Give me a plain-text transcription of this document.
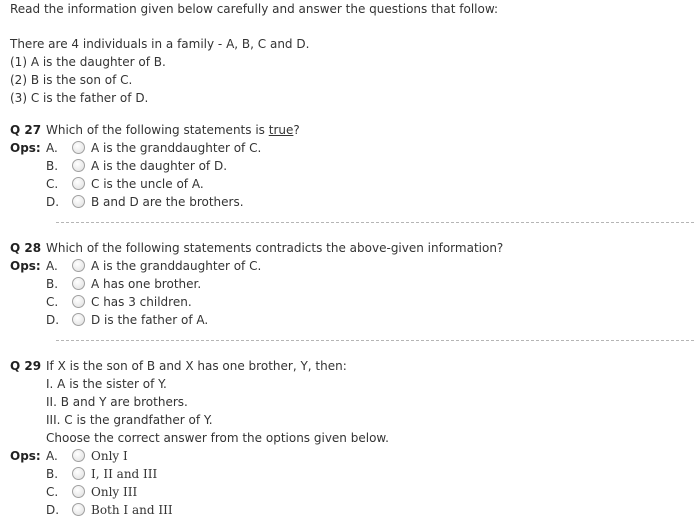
Read the information given below carefully and answer the questions that follow:
There are 4 individuals in a family - A, B, C and D.
(1) A is the daughter of B.
(2) B is the son of C.
(3) C is the father of D.
Q 27 Which of the following statements is true?
Ops: A.	A is the granddaughter of C.
B.	A is the daughter of D.
C.	C is the uncle of A.
D.	B and D are the brothers.
Q 28 Which of the following statements contradicts the above-given information?
Ops: A.	A is the granddaughter of C.
B.	A has one brother.
C.	C has 3 children.
D.	D is the father of A.
Q 29 If X is the son of B and X has one brother, Y, then:
I. A is the sister of Y.
II. B and Y are brothers.
III. C is the grandfather of Y.
Choose the correct answer from the options given below.
Ops: A.	Only I
B.	I, II and III
C.	Only III
D.	Both I and III
